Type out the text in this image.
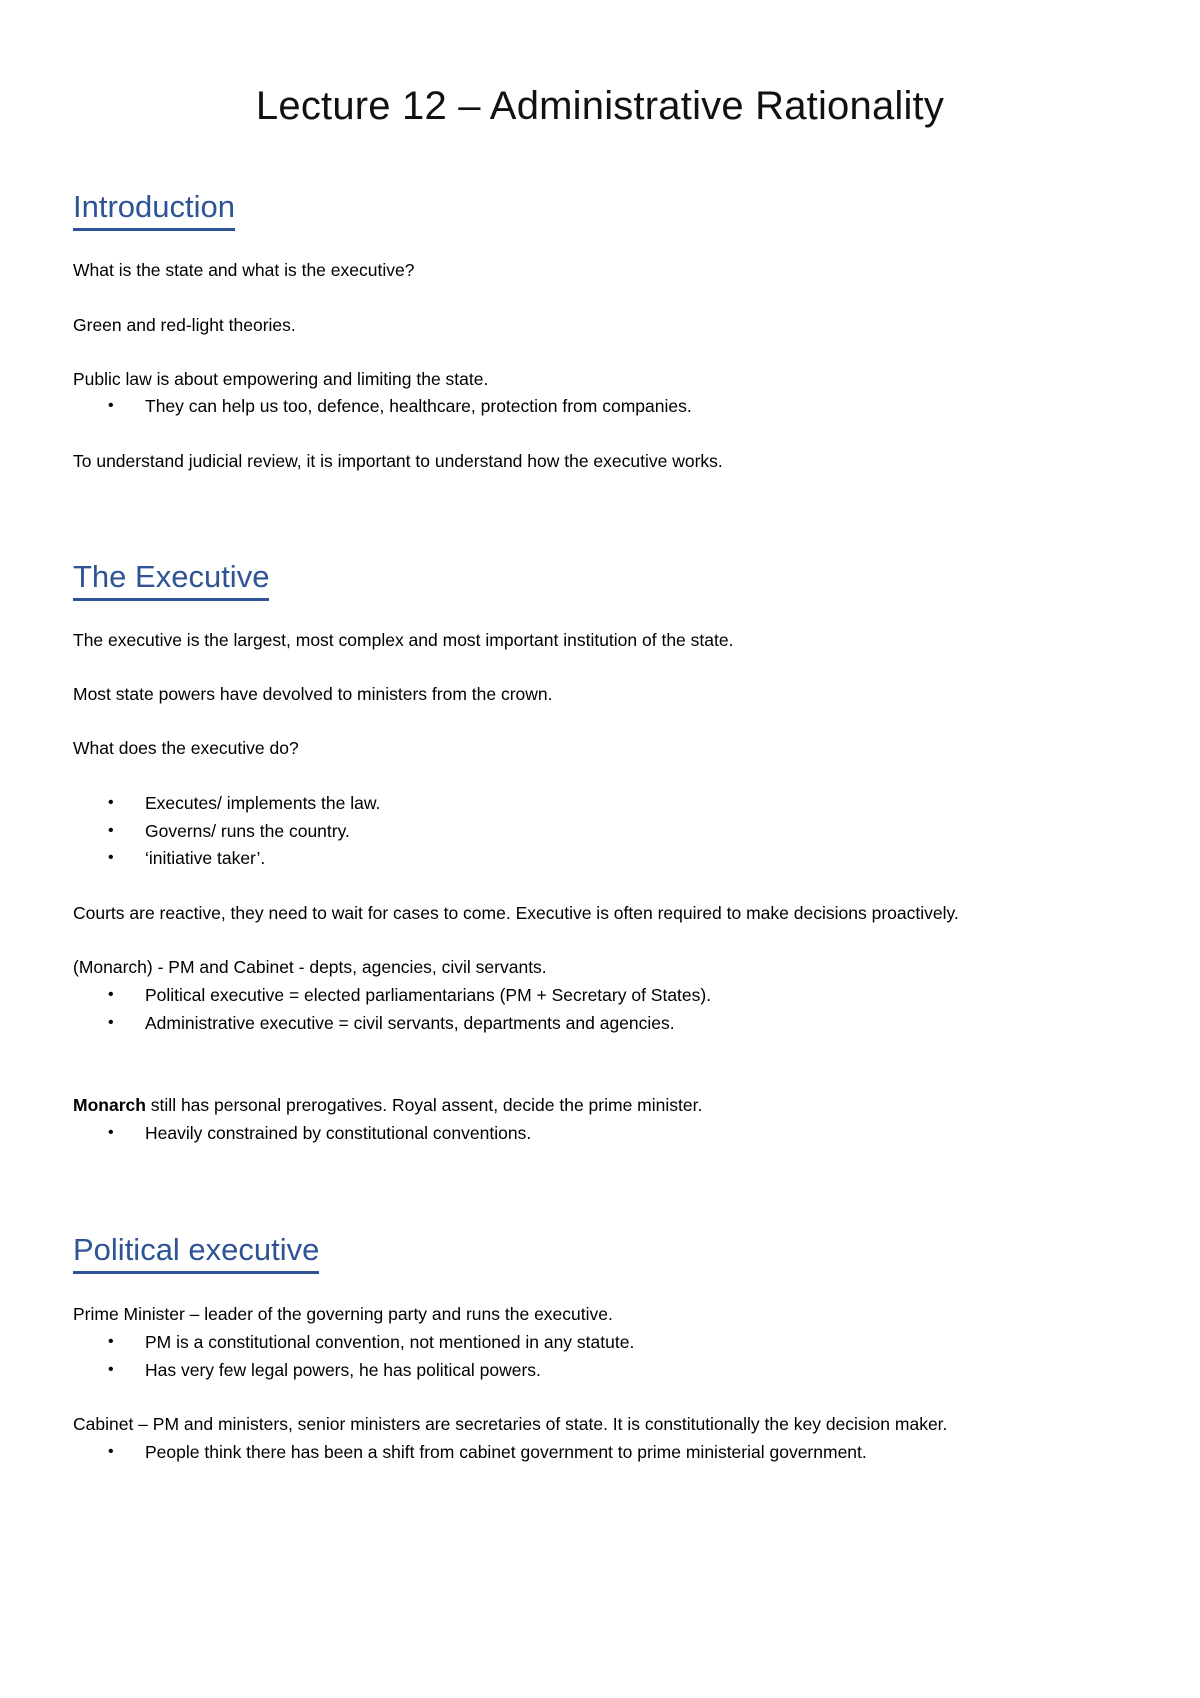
Lecture 12 – Administrative Rationality
Introduction

What is the state and what is the executive?

Green and red-light theories.

Public law is about empowering and limiting the state.

•	They can help us too, defence, healthcare, protection from companies.

To understand judicial review, it is important to understand how the executive works.

The Executive

The executive is the largest, most complex and most important institution of the state.

Most state powers have devolved to ministers from the crown.

What does the executive do?

•	Executes/ implements the law.
•	Governs/ runs the country.
•	‘initiative taker’.

Courts are reactive, they need to wait for cases to come. Executive is often required to make decisions proactively.

(Monarch) - PM and Cabinet - depts, agencies, civil servants.

•	Political executive = elected parliamentarians (PM + Secretary of States).
•	Administrative executive = civil servants, departments and agencies.

Monarch still has personal prerogatives. Royal assent, decide the prime minister.

•	Heavily constrained by constitutional conventions.
Political executive

Prime Minister – leader of the governing party and runs the executive.

•	PM is a constitutional convention, not mentioned in any statute.
•	Has very few legal powers, he has political powers.

Cabinet – PM and ministers, senior ministers are secretaries of state. It is constitutionally the key decision maker.

•	People think there has been a shift from cabinet government to prime ministerial government.
